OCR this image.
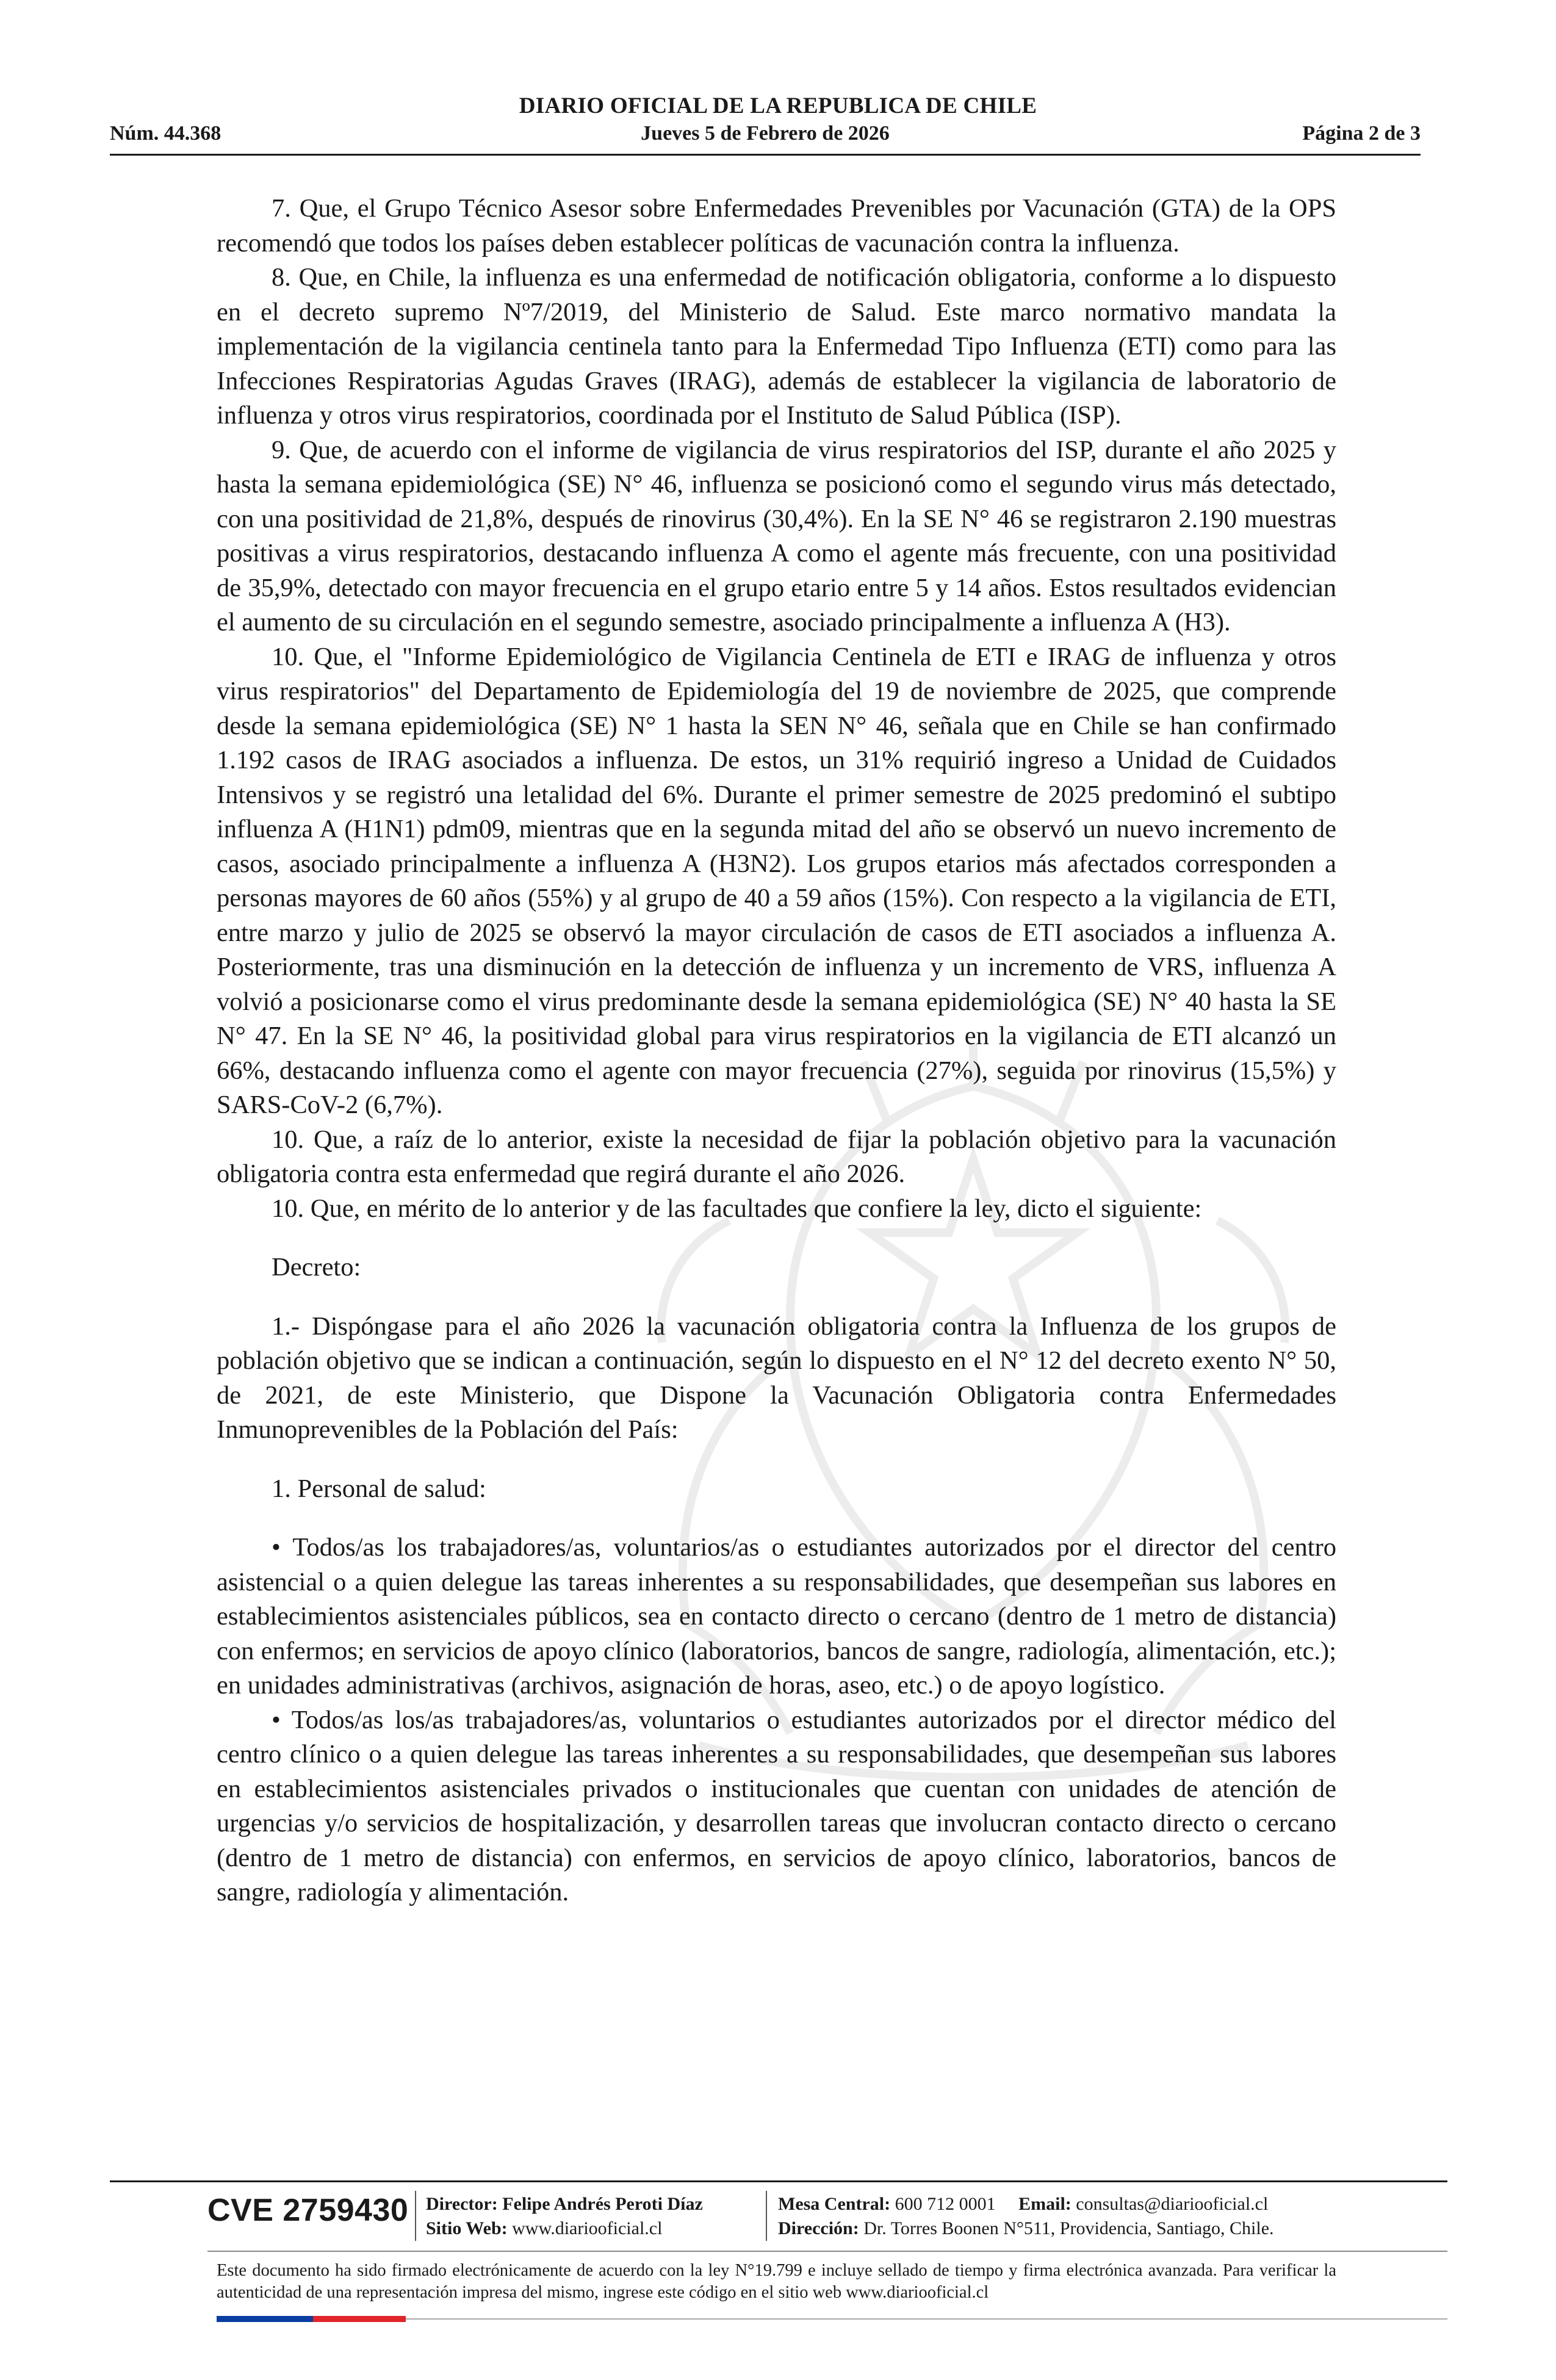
DIARIO OFICIAL DE LA REPUBLICA DE CHILE
Núm. 44.368	Jueves 5 de Febrero de 2026	Página 2 de 3

7. Que, el Grupo Técnico Asesor sobre Enfermedades Prevenibles por Vacunación (GTA) de la OPS recomendó que todos los países deben establecer políticas de vacunación contra la influenza.

8. Que, en Chile, la influenza es una enfermedad de notificación obligatoria, conforme a lo dispuesto en el decreto supremo Nº7/2019, del Ministerio de Salud. Este marco normativo mandata la implementación de la vigilancia centinela tanto para la Enfermedad Tipo Influenza (ETI) como para las Infecciones Respiratorias Agudas Graves (IRAG), además de establecer la vigilancia de laboratorio de influenza y otros virus respiratorios, coordinada por el Instituto de Salud Pública (ISP).

9. Que, de acuerdo con el informe de vigilancia de virus respiratorios del ISP, durante el año 2025 y hasta la semana epidemiológica (SE) N° 46, influenza se posicionó como el segundo virus más detectado, con una positividad de 21,8%, después de rinovirus (30,4%). En la SE N° 46 se registraron 2.190 muestras positivas a virus respiratorios, destacando influenza A como el agente más frecuente, con una positividad de 35,9%, detectado con mayor frecuencia en el grupo etario entre 5 y 14 años. Estos resultados evidencian el aumento de su circulación en el segundo semestre, asociado principalmente a influenza A (H3).

10. Que, el "Informe Epidemiológico de Vigilancia Centinela de ETI e IRAG de influenza y otros virus respiratorios" del Departamento de Epidemiología del 19 de noviembre de 2025, que comprende desde la semana epidemiológica (SE) N° 1 hasta la SEN N° 46, señala que en Chile se han confirmado 1.192 casos de IRAG asociados a influenza. De estos, un 31% requirió ingreso a Unidad de Cuidados Intensivos y se registró una letalidad del 6%. Durante el primer semestre de 2025 predominó el subtipo influenza A (H1N1) pdm09, mientras que en la segunda mitad del año se observó un nuevo incremento de casos, asociado principalmente a influenza A (H3N2). Los grupos etarios más afectados corresponden a personas mayores de 60 años (55%) y al grupo de 40 a 59 años (15%). Con respecto a la vigilancia de ETI, entre marzo y julio de 2025 se observó la mayor circulación de casos de ETI asociados a influenza A. Posteriormente, tras una disminución en la detección de influenza y un incremento de VRS, influenza A volvió a posicionarse como el virus predominante desde la semana epidemiológica (SE) N° 40 hasta la SE N° 47. En la SE N° 46, la positividad global para virus respiratorios en la vigilancia de ETI alcanzó un 66%, destacando influenza como el agente con mayor frecuencia (27%), seguida por rinovirus (15,5%) y SARS-CoV-2 (6,7%).

10. Que, a raíz de lo anterior, existe la necesidad de fijar la población objetivo para la vacunación obligatoria contra esta enfermedad que regirá durante el año 2026.

10. Que, en mérito de lo anterior y de las facultades que confiere la ley, dicto el siguiente:

Decreto:

1.- Dispóngase para el año 2026 la vacunación obligatoria contra la Influenza de los grupos de población objetivo que se indican a continuación, según lo dispuesto en el N° 12 del decreto exento N° 50, de 2021, de este Ministerio, que Dispone la Vacunación Obligatoria contra Enfermedades Inmunoprevenibles de la Población del País:

1. Personal de salud:

• Todos/as los trabajadores/as, voluntarios/as o estudiantes autorizados por el director del centro asistencial o a quien delegue las tareas inherentes a su responsabilidades, que desempeñan sus labores en establecimientos asistenciales públicos, sea en contacto directo o cercano (dentro de 1 metro de distancia) con enfermos; en servicios de apoyo clínico (laboratorios, bancos de sangre, radiología, alimentación, etc.); en unidades administrativas (archivos, asignación de horas, aseo, etc.) o de apoyo logístico.

• Todos/as los/as trabajadores/as, voluntarios o estudiantes autorizados por el director médico del centro clínico o a quien delegue las tareas inherentes a su responsabilidades, que desempeñan sus labores en establecimientos asistenciales privados o institucionales que cuentan con unidades de atención de urgencias y/o servicios de hospitalización, y desarrollen tareas que involucran contacto directo o cercano (dentro de 1 metro de distancia) con enfermos, en servicios de apoyo clínico, laboratorios, bancos de sangre, radiología y alimentación.

CVE 2759430 Director: Felipe Andrés Peroti Díaz
Sitio Web: www.diariooficial.cl
Mesa Central: 600 712 0001 Email: consultas@diariooficial.cl
Dirección: Dr. Torres Boonen N°511, Providencia, Santiago, Chile.
Este documento ha sido firmado electrónicamente de acuerdo con la ley N°19.799 e incluye sellado de tiempo y firma electrónica avanzada. Para verificar la autenticidad de una representación impresa del mismo, ingrese este código en el sitio web www.diariooficial.cl
